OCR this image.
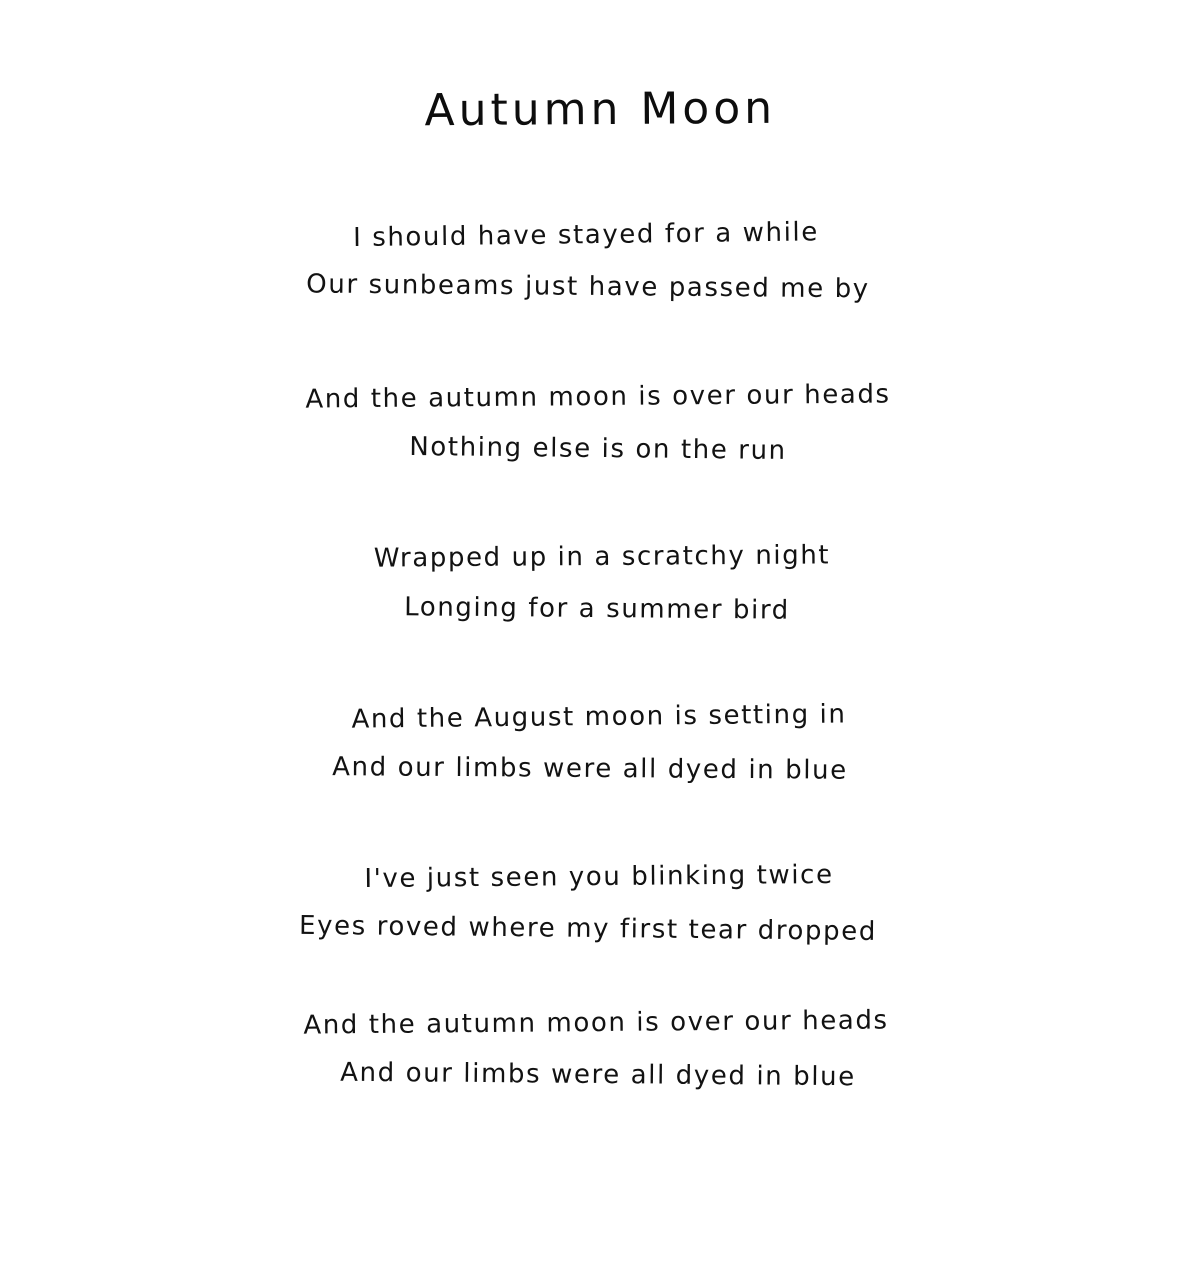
Autumn Moon

I should have stayed for a while

Our sunbeams just have passed me by

And the autumn moon is over our heads

Nothing else is on the run

Wrapped up in a scratchy night

Longing for a summer bird

And the August moon is setting in

And our limbs were all dyed in blue

I've just seen you blinking twice

Eyes roved where my first tear dropped

And the autumn moon is over our heads

And our limbs were all dyed in blue
